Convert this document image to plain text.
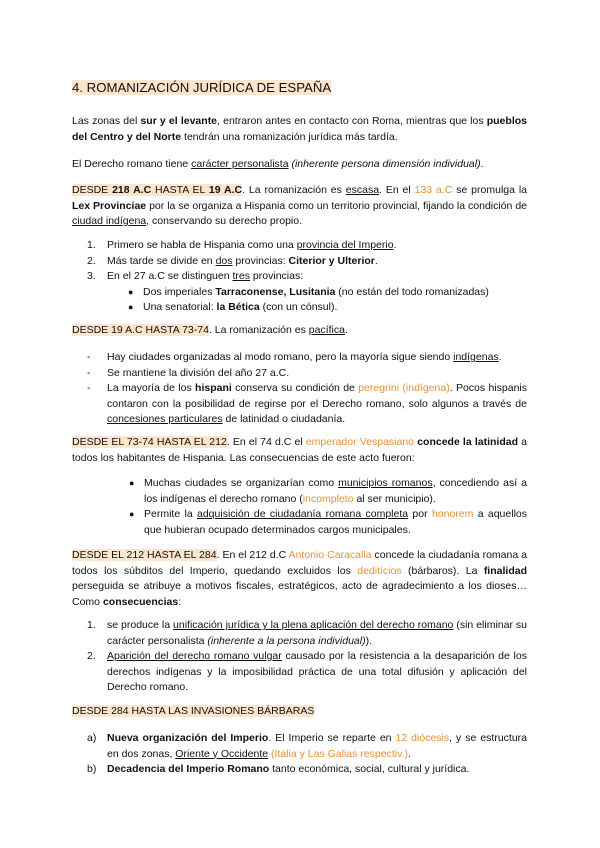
4. ROMANIZACIÓN JURÍDICA DE ESPAÑA
Las zonas del sur y el levante, entraron antes en contacto con Roma, mientras que los pueblos del Centro y del Norte tendrán una romanización jurídica más tardía.
El Derecho romano tiene carácter personalista (inherente persona dimensión individual).
DESDE 218 A.C HASTA EL 19 A.C. La romanización es escasa. En el 133 a.C se promulga la Lex Provinciae por la se organiza a Hispania como un territorio provincial, fijando la condición de ciudad indígena, conservando su derecho propio.
1. Primero se habla de Hispania como una provincia del Imperio.
2. Más tarde se divide en dos provincias: Citerior y Ulterior.
3. En el 27 a.C se distinguen tres provincias:
● Dos imperiales Tarraconense, Lusitania (no están del todo romanizadas)
● Una senatorial: la Bética (con un cónsul).
DESDE 19 A.C HASTA 73-74. La romanización es pacífica.
- Hay ciudades organizadas al modo romano, pero la mayoría sigue siendo indígenas.
- Se mantiene la división del año 27 a.C.
- La mayoría de los hispani conserva su condición de peregrini (indígena). Pocos hispanis contaron con la posibilidad de regirse por el Derecho romano, solo algunos a través de concesiones particulares de latinidad o ciudadanía.
DESDE EL 73-74 HASTA EL 212. En el 74 d.C el emperador Vespasiano concede la latinidad a todos los habitantes de Hispania. Las consecuencias de este acto fueron:
● Muchas ciudades se organizarían como municipios romanos, concediendo así a los indígenas el derecho romano (incompleto al ser municipio).
● Permite la adquisición de ciudadanía romana completa por honorem a aquellos que hubieran ocupado determinados cargos municipales.
DESDE EL 212 HASTA EL 284. En el 212 d.C Antonio Caracalla concede la ciudadanía romana a todos los súbditos del Imperio, quedando excluidos los deditícios (bárbaros). La finalidad perseguida se atribuye a motivos fiscales, estratégicos, acto de agradecimiento a los dioses… Como consecuencias:
1. se produce la unificación jurídica y la plena aplicación del derecho romano (sin eliminar su carácter personalista (inherente a la persona individual)).
2. Aparición del derecho romano vulgar causado por la resistencia a la desaparición de los derechos indígenas y la imposibilidad práctica de una total difusión y aplicación del Derecho romano.
DESDE 284 HASTA LAS INVASIONES BÁRBARAS
a) Nueva organización del Imperio. El Imperio se reparte en 12 diócesis, y se estructura en dos zonas, Oriente y Occidente (Italia y Las Galias respectiv.).
b) Decadencia del Imperio Romano tanto económica, social, cultural y jurídica.
